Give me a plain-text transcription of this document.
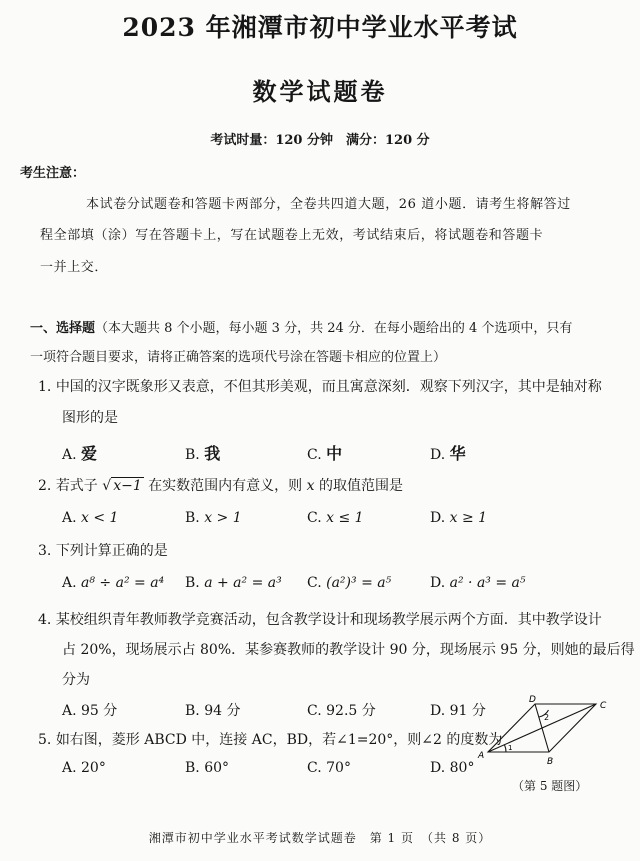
2023 年湘潭市初中学业水平考试
数学试题卷
考试时量：120 分钟　满分：120 分
考生注意：
本试卷分试题卷和答题卡两部分，全卷共四道大题，26 道小题．请考生将解答过
程全部填（涂）写在答题卡上，写在试题卷上无效，考试结束后，将试题卷和答题卡
一并上交．
一、选择题（本大题共 8 个小题，每小题 3 分，共 24 分．在每小题给出的 4 个选项中，只有
一项符合题目要求，请将正确答案的选项代号涂在答题卡相应的位置上）
1. 中国的汉字既象形又表意，不但其形美观，而且寓意深刻．观察下列汉字，其中是轴对称
图形的是
A. 爱	B. 我	C. 中	D. 华
2. 若式子 √ x−1 在实数范围内有意义，则 x 的取值范围是
A. x < 1	B. x > 1	C. x ≤ 1	D. x ≥ 1
3. 下列计算正确的是
A. a⁸ ÷ a² = a⁴ B. a + a² = a³ C. (a²)³ = a⁵	D. a² · a³ = a⁵
4. 某校组织青年教师教学竞赛活动，包含教学设计和现场教学展示两个方面．其中教学设计
占 20%，现场展示占 80%．某参赛教师的教学设计 90 分，现场展示 95 分，则她的最后得
分为
A. 95 分	B. 94 分	C. 92.5 分	D. 91 分
5. 如右图，菱形 ABCD 中，连接 AC，BD，若∠1=20°，则∠2 的度数为
A. 20°	B. 60°	C. 70°	D. 80°
A
B
C
D
1
2
（第 5 题图）
湘潭市初中学业水平考试数学试题卷　第 1 页　（共 8 页）
